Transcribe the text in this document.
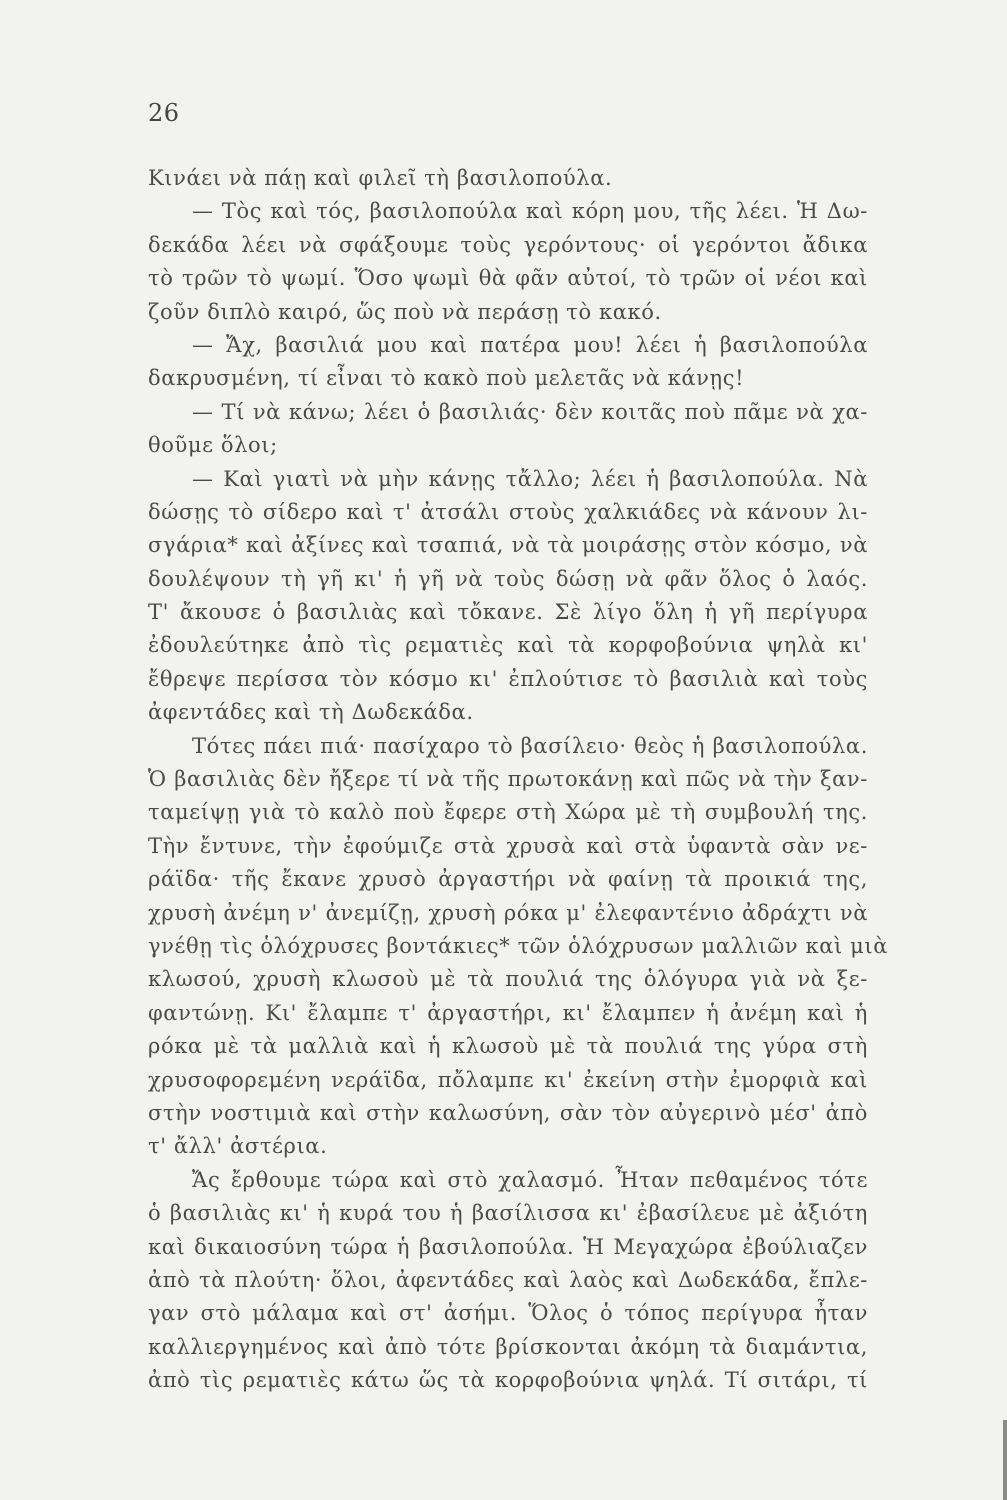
26
Κινάει νὰ πάῃ καὶ φιλεῖ τὴ βασιλοπούλα.
— Τὸς καὶ τός, βασιλοπούλα καὶ κόρη μου, τῆς λέει. Ἡ Δω-
δεκάδα λέει νὰ σφάξουμε τοὺς γερόντους· οἱ γερόντοι ἄδικα
τὸ τρῶν τὸ ψωμί. Ὅσο ψωμὶ θὰ φᾶν αὐτοί, τὸ τρῶν οἱ νέοι καὶ
ζοῦν διπλὸ καιρό, ὥς ποὺ νὰ περάσῃ τὸ κακό.
— Ἄχ, βασιλιά μου καὶ πατέρα μου! λέει ἡ βασιλοπούλα
δακρυσμένη, τί εἶναι τὸ κακὸ ποὺ μελετᾶς νὰ κάνῃς!
— Τί νὰ κάνω; λέει ὁ βασιλιάς· δὲν κοιτᾶς ποὺ πᾶμε νὰ χα-
θοῦμε ὅλοι;
— Καὶ γιατὶ νὰ μὴν κάνῃς τἄλλο; λέει ἡ βασιλοπούλα. Νὰ
δώσῃς τὸ σίδερο καὶ τ' ἀτσάλι στοὺς χαλκιάδες νὰ κάνουν λι-
σγάρια* καὶ ἀξίνες καὶ τσαπιά, νὰ τὰ μοιράσῃς στὸν κόσμο, νὰ
δουλέψουν τὴ γῆ κι' ἡ γῆ νὰ τοὺς δώσῃ νὰ φᾶν ὅλος ὁ λαός.
Τ' ἄκουσε ὁ βασιλιὰς καὶ τὄκανε. Σὲ λίγο ὅλη ἡ γῆ περίγυρα
ἐδουλεύτηκε ἀπὸ τὶς ρεματιὲς καὶ τὰ κορφοβούνια ψηλὰ κι'
ἔθρεψε περίσσα τὸν κόσμο κι' ἐπλούτισε τὸ βασιλιὰ καὶ τοὺς
ἀφεντάδες καὶ τὴ Δωδεκάδα.
Τότες πάει πιά· πασίχαρο τὸ βασίλειο· θεὸς ἡ βασιλοπούλα.
Ὁ βασιλιὰς δὲν ἤξερε τί νὰ τῆς πρωτοκάνῃ καὶ πῶς νὰ τὴν ξαν-
ταμείψῃ γιὰ τὸ καλὸ ποὺ ἔφερε στὴ Χώρα μὲ τὴ συμβουλή της.
Τὴν ἔντυνε, τὴν ἐφούμιζε στὰ χρυσὰ καὶ στὰ ὑφαντὰ σὰν νε-
ράϊδα· τῆς ἔκανε χρυσὸ ἀργαστήρι νὰ φαίνῃ τὰ προικιά της,
χρυσὴ ἀνέμη ν' ἀνεμίζῃ, χρυσὴ ρόκα μ' ἐλεφαντένιο ἀδράχτι νὰ
γνέθῃ τὶς ὁλόχρυσες βοντάκιες* τῶν ὁλόχρυσων μαλλιῶν καὶ μιὰ
κλωσού, χρυσὴ κλωσοὺ μὲ τὰ πουλιά της ὁλόγυρα γιὰ νὰ ξε-
φαντώνῃ. Κι' ἔλαμπε τ' ἀργαστήρι, κι' ἔλαμπεν ἡ ἀνέμη καὶ ἡ
ρόκα μὲ τὰ μαλλιὰ καὶ ἡ κλωσοὺ μὲ τὰ πουλιά της γύρα στὴ
χρυσοφορεμένη νεράϊδα, πὄλαμπε κι' ἐκείνη στὴν ἐμορφιὰ καὶ
στὴν νοστιμιὰ καὶ στὴν καλωσύνη, σὰν τὸν αὐγερινὸ μέσ' ἀπὸ
τ' ἄλλ' ἀστέρια.
Ἄς ἔρθουμε τώρα καὶ στὸ χαλασμό. Ἦταν πεθαμένος τότε
ὁ βασιλιὰς κι' ἡ κυρά του ἡ βασίλισσα κι' ἐβασίλευε μὲ ἀξιότη
καὶ δικαιοσύνη τώρα ἡ βασιλοπούλα. Ἡ Μεγαχώρα ἐβούλιαζεν
ἀπὸ τὰ πλούτη· ὅλοι, ἀφεντάδες καὶ λαὸς καὶ Δωδεκάδα, ἔπλε-
γαν στὸ μάλαμα καὶ στ' ἀσήμι. Ὅλος ὁ τόπος περίγυρα ἦταν
καλλιεργημένος καὶ ἀπὸ τότε βρίσκονται ἀκόμη τὰ διαμάντια,
ἀπὸ τὶς ρεματιὲς κάτω ὥς τὰ κορφοβούνια ψηλά. Τί σιτάρι, τί
